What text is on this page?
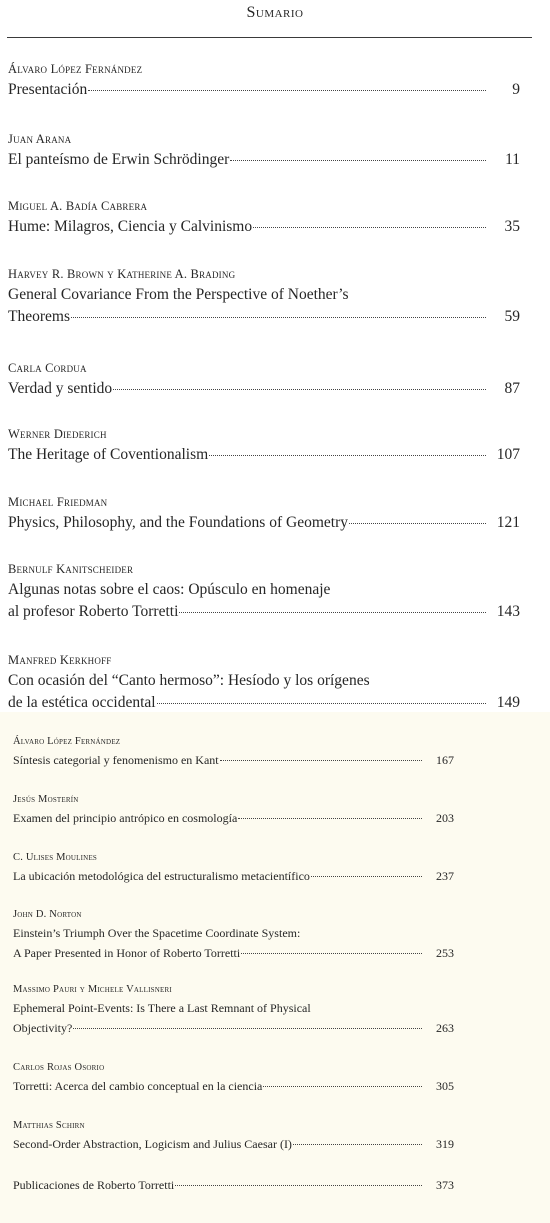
Sumario
Álvaro López Fernández
Presentación	9
Juan Arana
El panteísmo de Erwin Schrödinger	11
Miguel A. Badía Cabrera
Hume: Milagros, Ciencia y Calvinismo	35
Harvey R. Brown y Katherine A. Brading
General Covariance From the Perspective of Noether’s
Theorems	59
Carla Cordua
Verdad y sentido	87
Werner Diederich
The Heritage of Coventionalism	107
Michael Friedman
Physics, Philosophy, and the Foundations of Geometry	121
Bernulf Kanitscheider
Algunas notas sobre el caos: Opúsculo en homenaje
al profesor Roberto Torretti	143
Manfred Kerkhoff
Con ocasión del “Canto hermoso”: Hesíodo y los orígenes
de la estética occidental	149
Álvaro López Fernández
Síntesis categorial y fenomenismo en Kant	167
Jesús Mosterín
Examen del principio antrópico en cosmología	203
C. Ulises Moulines
La ubicación metodológica del estructuralismo metacientífico	237
John D. Norton
Einstein’s Triumph Over the Spacetime Coordinate System:
A Paper Presented in Honor of Roberto Torretti	253
Massimo Pauri y Michele Vallisneri
Ephemeral Point-Events: Is There a Last Remnant of Physical
Objectivity?	263
Carlos Rojas Osorio
Torretti: Acerca del cambio conceptual en la ciencia	305
Matthias Schirn
Second-Order Abstraction, Logicism and Julius Caesar (I)	319
Publicaciones de Roberto Torretti	373
